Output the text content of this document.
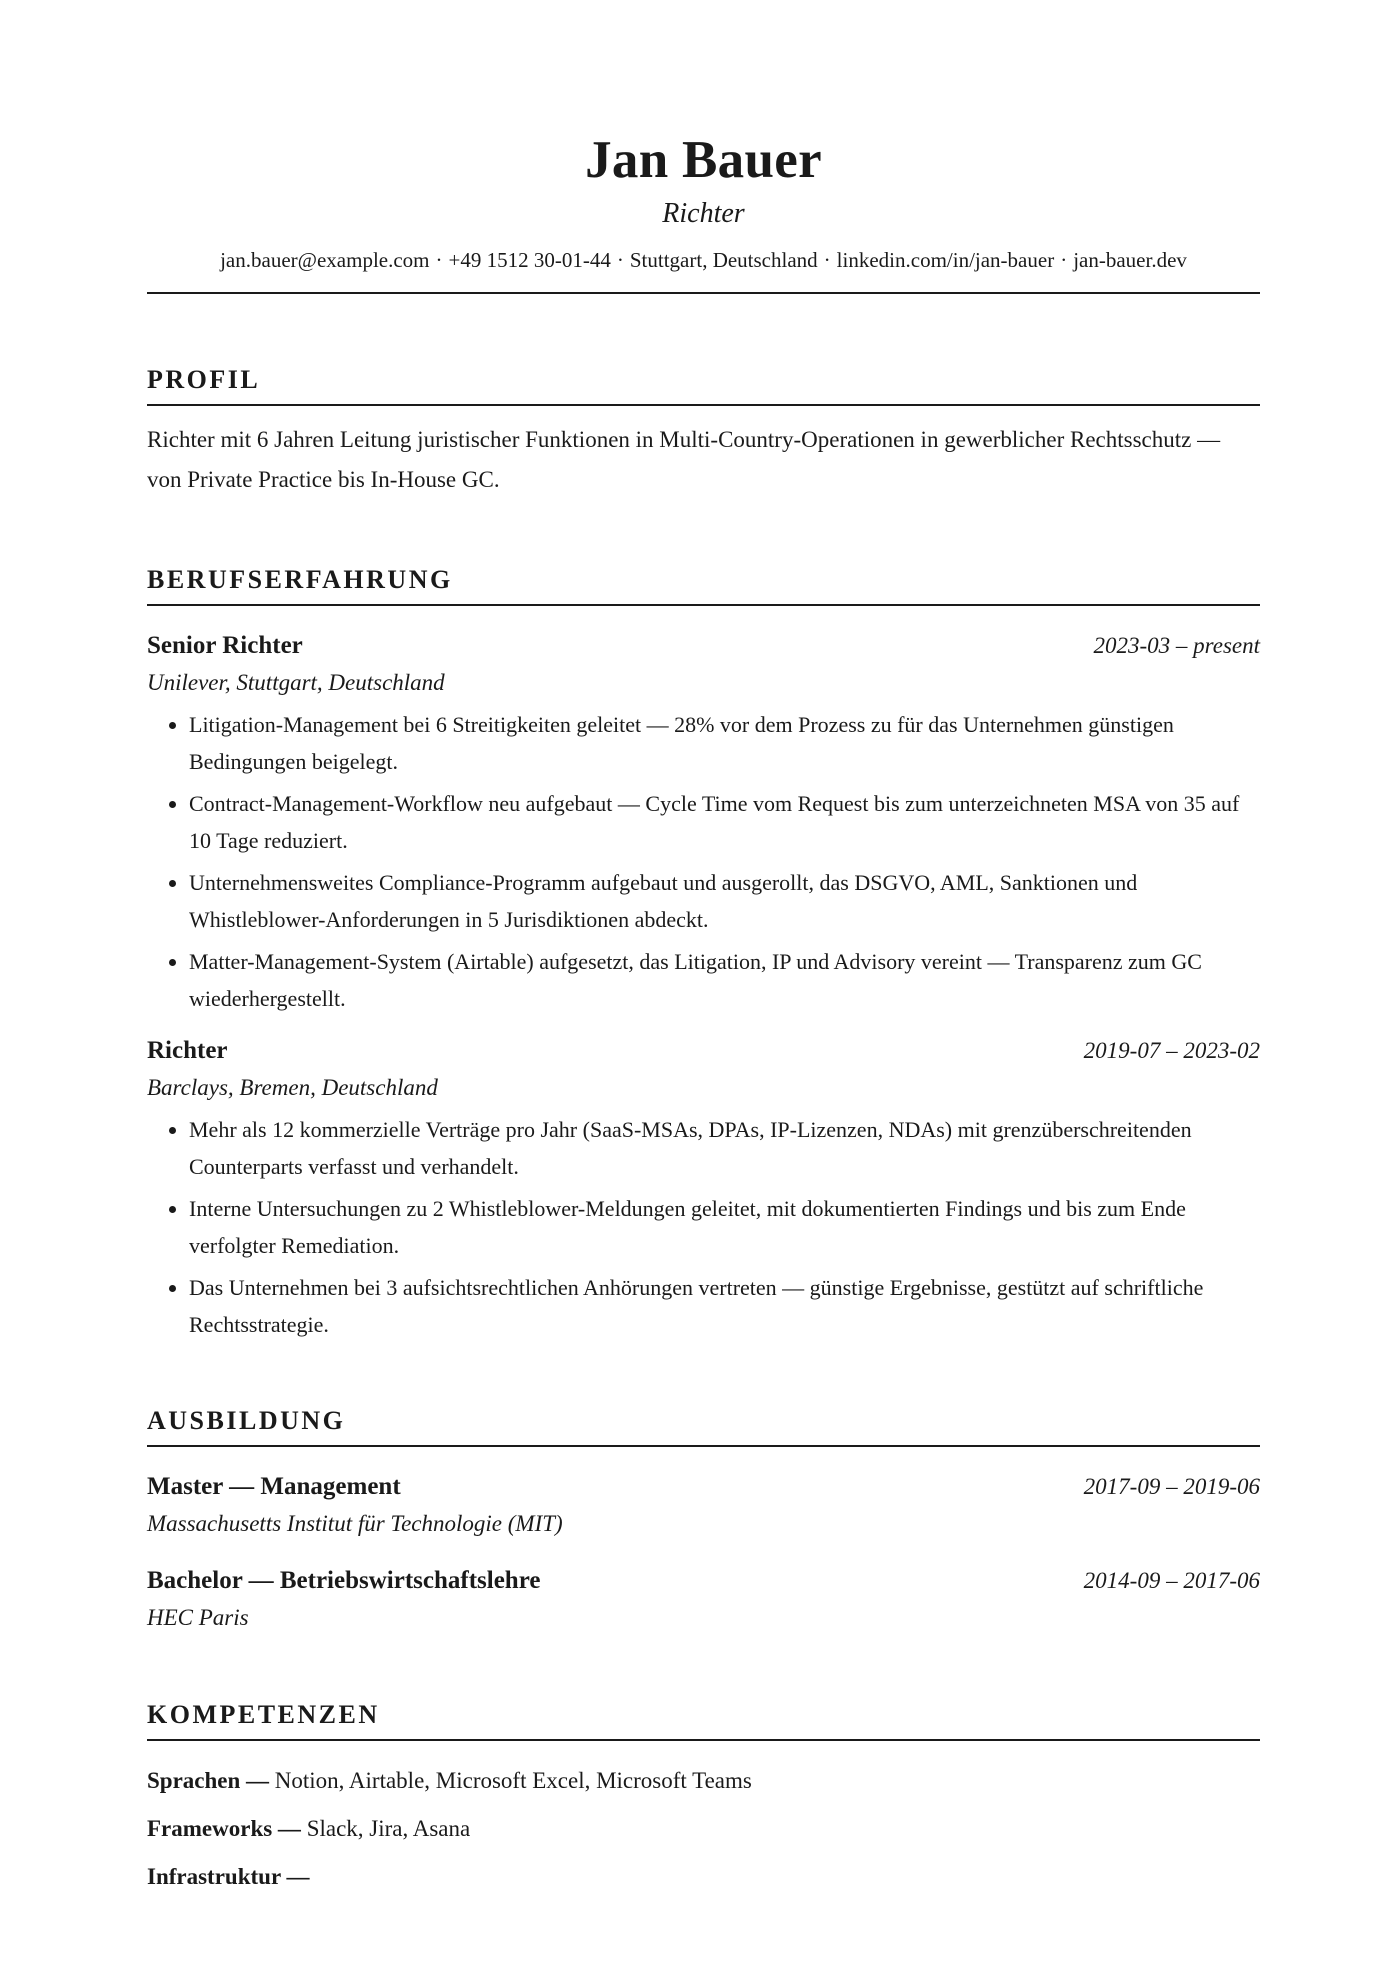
Jan Bauer
Richter
jan.bauer@example.com · +49 1512 30-01-44 · Stuttgart, Deutschland · linkedin.com/in/jan-bauer · jan-bauer.dev
PROFIL
Richter mit 6 Jahren Leitung juristischer Funktionen in Multi-Country-Operationen in gewerblicher Rechtsschutz — von Private Practice bis In-House GC.
BERUFSERFAHRUNG
Senior Richter	2023-03 – present
Unilever, Stuttgart, Deutschland
• Litigation-Management bei 6 Streitigkeiten geleitet — 28% vor dem Prozess zu für das Unternehmen günstigen Bedingungen beigelegt.
• Contract-Management-Workflow neu aufgebaut — Cycle Time vom Request bis zum unterzeichneten MSA von 35 auf 10 Tage reduziert.
• Unternehmensweites Compliance-Programm aufgebaut und ausgerollt, das DSGVO, AML, Sanktionen und Whistleblower-Anforderungen in 5 Jurisdiktionen abdeckt.
• Matter-Management-System (Airtable) aufgesetzt, das Litigation, IP und Advisory vereint — Transparenz zum GC wiederhergestellt.
Richter	2019-07 – 2023-02
Barclays, Bremen, Deutschland
• Mehr als 12 kommerzielle Verträge pro Jahr (SaaS-MSAs, DPAs, IP-Lizenzen, NDAs) mit grenzüberschreitenden Counterparts verfasst und verhandelt.
• Interne Untersuchungen zu 2 Whistleblower-Meldungen geleitet, mit dokumentierten Findings und bis zum Ende verfolgter Remediation.
• Das Unternehmen bei 3 aufsichtsrechtlichen Anhörungen vertreten — günstige Ergebnisse, gestützt auf schriftliche Rechtsstrategie.
AUSBILDUNG
Master — Management	2017-09 – 2019-06
Massachusetts Institut für Technologie (MIT)
Bachelor — Betriebswirtschaftslehre	2014-09 – 2017-06
HEC Paris
KOMPETENZEN
Sprachen — Notion, Airtable, Microsoft Excel, Microsoft Teams
Frameworks — Slack, Jira, Asana
Infrastruktur —
